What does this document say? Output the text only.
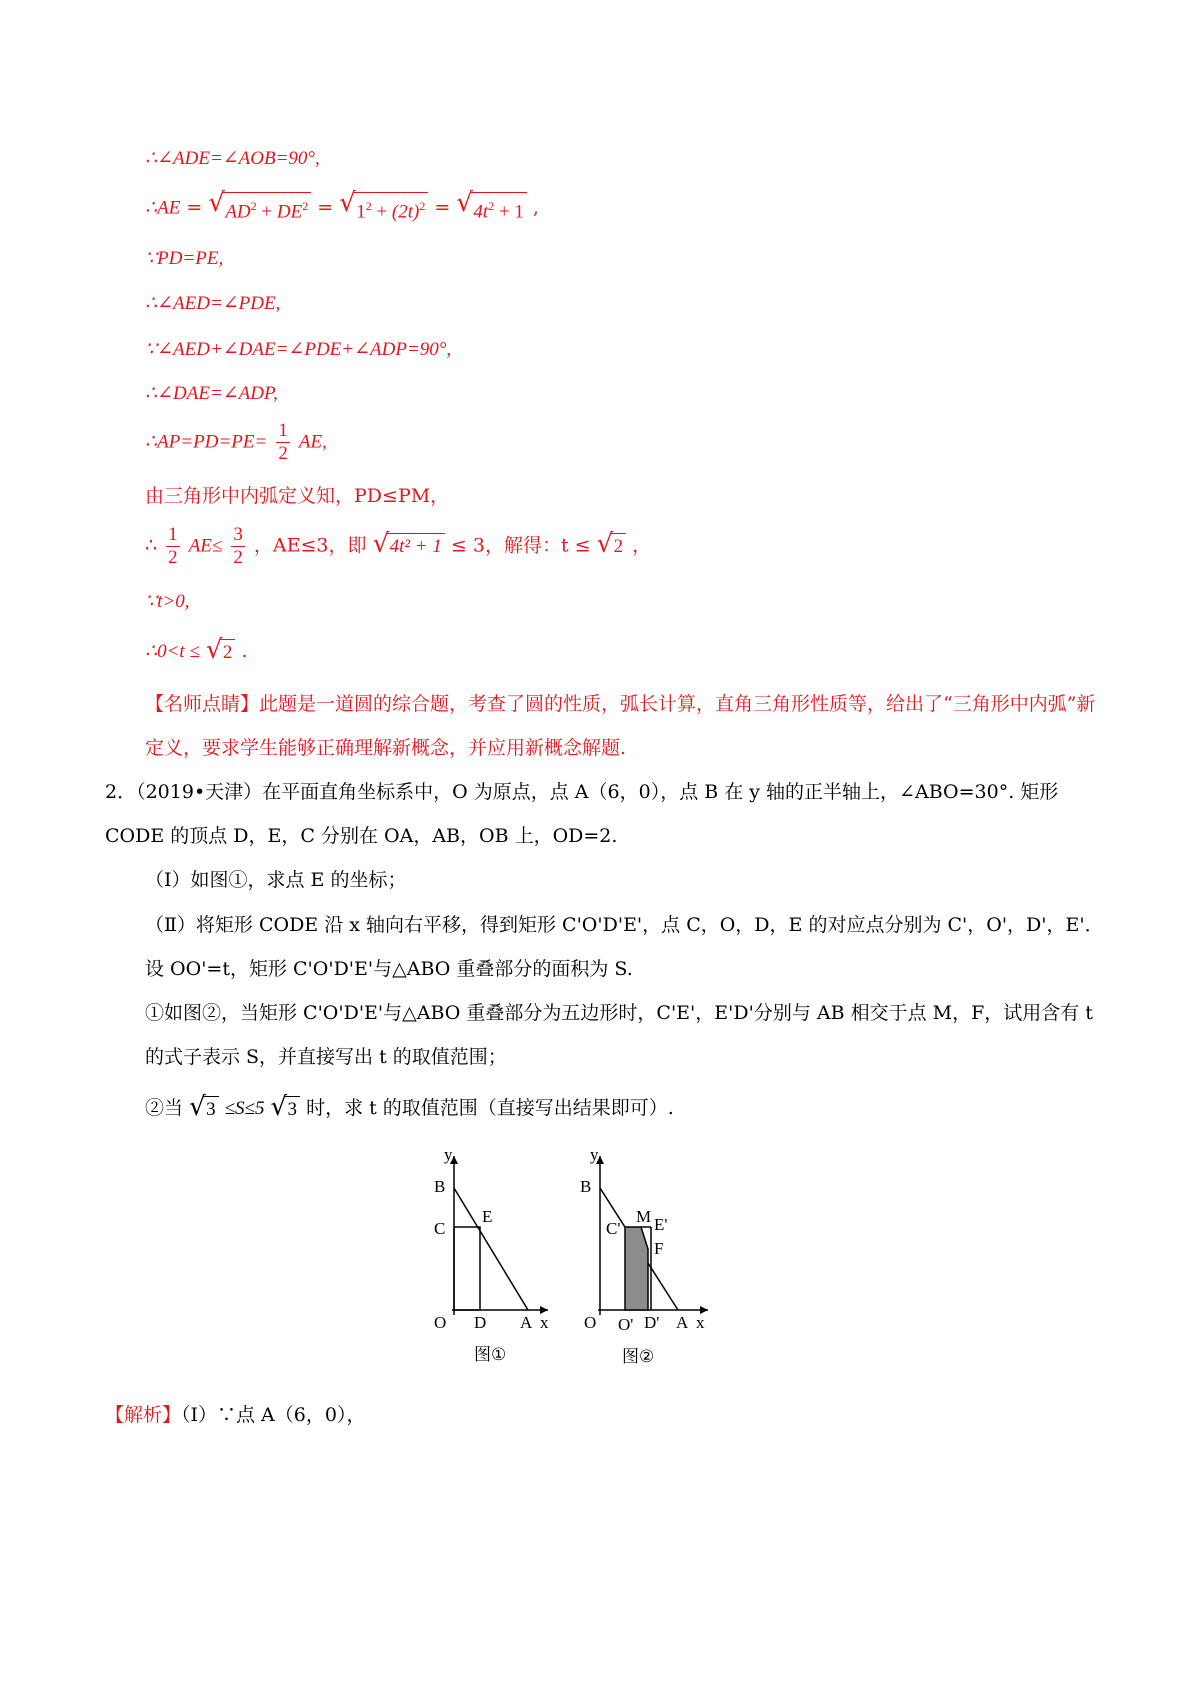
∴∠ADE=∠AOB=90°,
∴AE = √ $AD^2 + DE^2$ = √ $1^2 + (2t)^2$ = √ $4t^2 + 1$ ,
∵PD=PE,
∴∠AED=∠PDE,
∵∠AED+∠DAE=∠PDE+∠ADP=90°,
∴∠DAE=∠ADP,
∴AP=PD=PE= $\frac{1}{2}$ AE,
由三角形中内弧定义知，PD≤PM，
∴ $\frac{1}{2} AE\le \frac{3}{2}$ ，AE≤3，即 √ 4t² + 1 ≤ 3，解得：t ≤ √ 2 ，
∵t>0,
∴0<t ≤ √ 2 .
【名师点睛】此题是一道圆的综合题，考查了圆的性质，弧长计算，直角三角形性质等，给出了“三角形中内弧”新定义，要求学生能够正确理解新概念，并应用新概念解题.
2．（2019•天津）在平面直角坐标系中，O 为原点，点 A（6，0），点 B 在 y 轴的正半轴上，∠ABO=30°. 矩形 CODE 的顶点 D，E，C 分别在 OA，AB，OB 上，OD=2.
（Ⅰ）如图①，求点 E 的坐标；
（Ⅱ）将矩形 CODE 沿 x 轴向右平移，得到矩形 C'O'D'E'，点 C，O，D，E 的对应点分别为 C'，O'，D'，E'．设 OO'=t，矩形 C'O'D'E'与△ABO 重叠部分的面积为 S.
①如图②，当矩形 C'O'D'E'与△ABO 重叠部分为五边形时，C'E'，E'D'分别与 AB 相交于点 M，F，试用含有 t 的式子表示 S，并直接写出 t 的取值范围；
②当 √ 3 ≤S≤5 √ 3 时，求 t 的取值范围（直接写出结果即可）.
y
B
C
E
O D A x
图①
y
B
C'
M E'
F
O O' D' A x
图②
【解析】（Ⅰ）∵点 A（6，0），
